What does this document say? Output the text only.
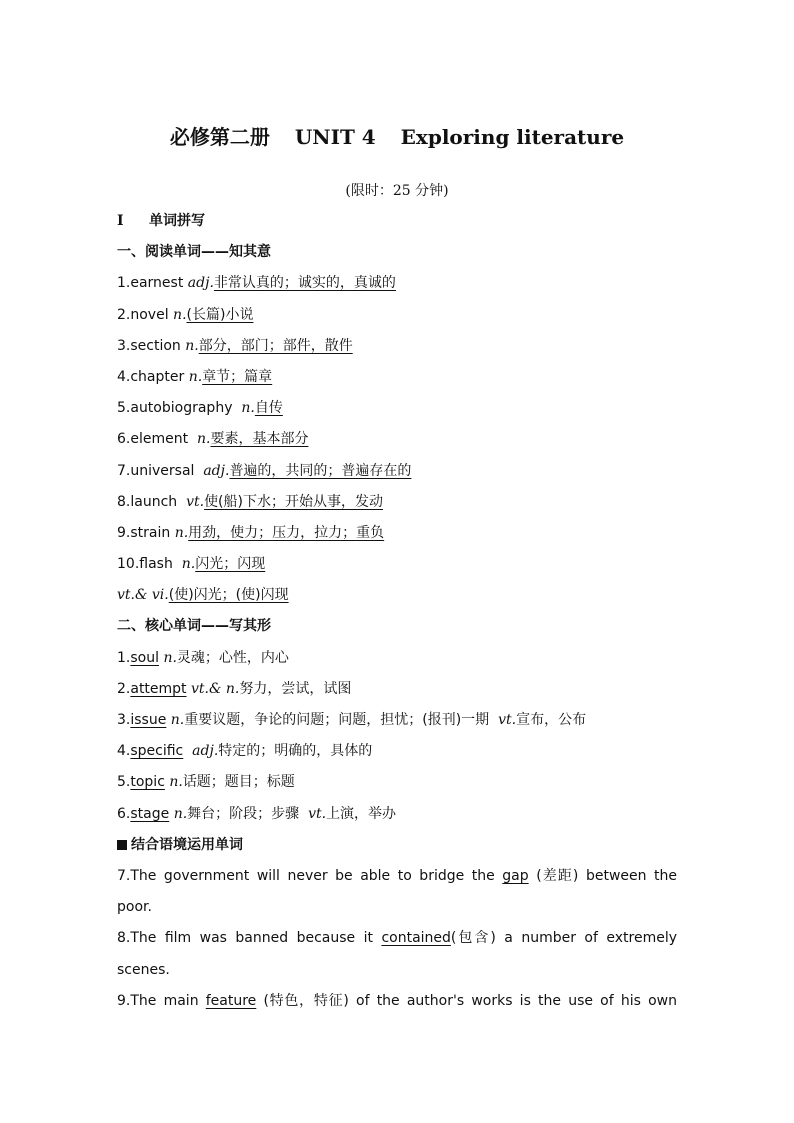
必修第二册 UNIT 4 Exploring literature
(限时：25 分钟)
Ⅰ 单词拼写
一、阅读单词——知其意
1.earnest adj.非常认真的；诚实的，真诚的
2.novel n.(长篇)小说
3.section n.部分，部门；部件，散件
4.chapter n.章节；篇章
5.autobiography n.自传
6.element n.要素，基本部分
7.universal adj.普遍的，共同的；普遍存在的
8.launch vt.使(船)下水；开始从事，发动
9.strain n.用劲，使力；压力，拉力；重负
10.flash n.闪光；闪现
vt.& vi.(使)闪光；(使)闪现
二、核心单词——写其形
1.soul n.灵魂；心性，内心
2.attempt vt.& n.努力，尝试，试图
3.issue n.重要议题，争论的问题；问题，担忧；(报刊)一期 vt.宣布，公布
4.specific adj.特定的；明确的，具体的
5.topic n.话题；题目；标题
6.stage n.舞台；阶段；步骤 vt.上演，举办
结合语境运用单词
7.The government will never be able to bridge the gap (差距) between the
poor.
8.The film was banned because it contained(包含) a number of extremely
scenes.
9.The main feature (特色，特征) of the author's works is the use of his own
